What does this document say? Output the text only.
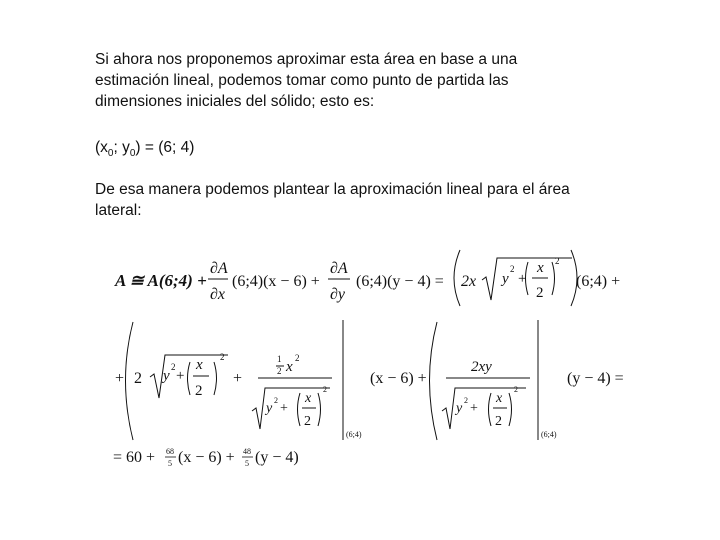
Si ahora nos proponemos aproximar esta área en base a una estimación lineal, podemos tomar como punto de partida las dimensiones iniciales del sólido; esto es:
($x_0$; $y_0) = (6$; 4)
De esa manera podemos plantear la aproximación lineal para el área lateral:
A ≅ A(6;4) +
∂A
∂x
(6;4)(x − 6) +
∂A
∂y
(6;4)(y − 4) = 2x y
2
+
x
2
2
(6;4) +
+ 2 y
2
+
x
2
2
+
1
2 x
2
y
2
+
x
2
2
(6;4)
(x − 6) +
2xy
y
2
+
x
2
2
(6;4)
(y − 4) =
= 60 + 68
5 (x − 6) + 48
5 (y − 4)
